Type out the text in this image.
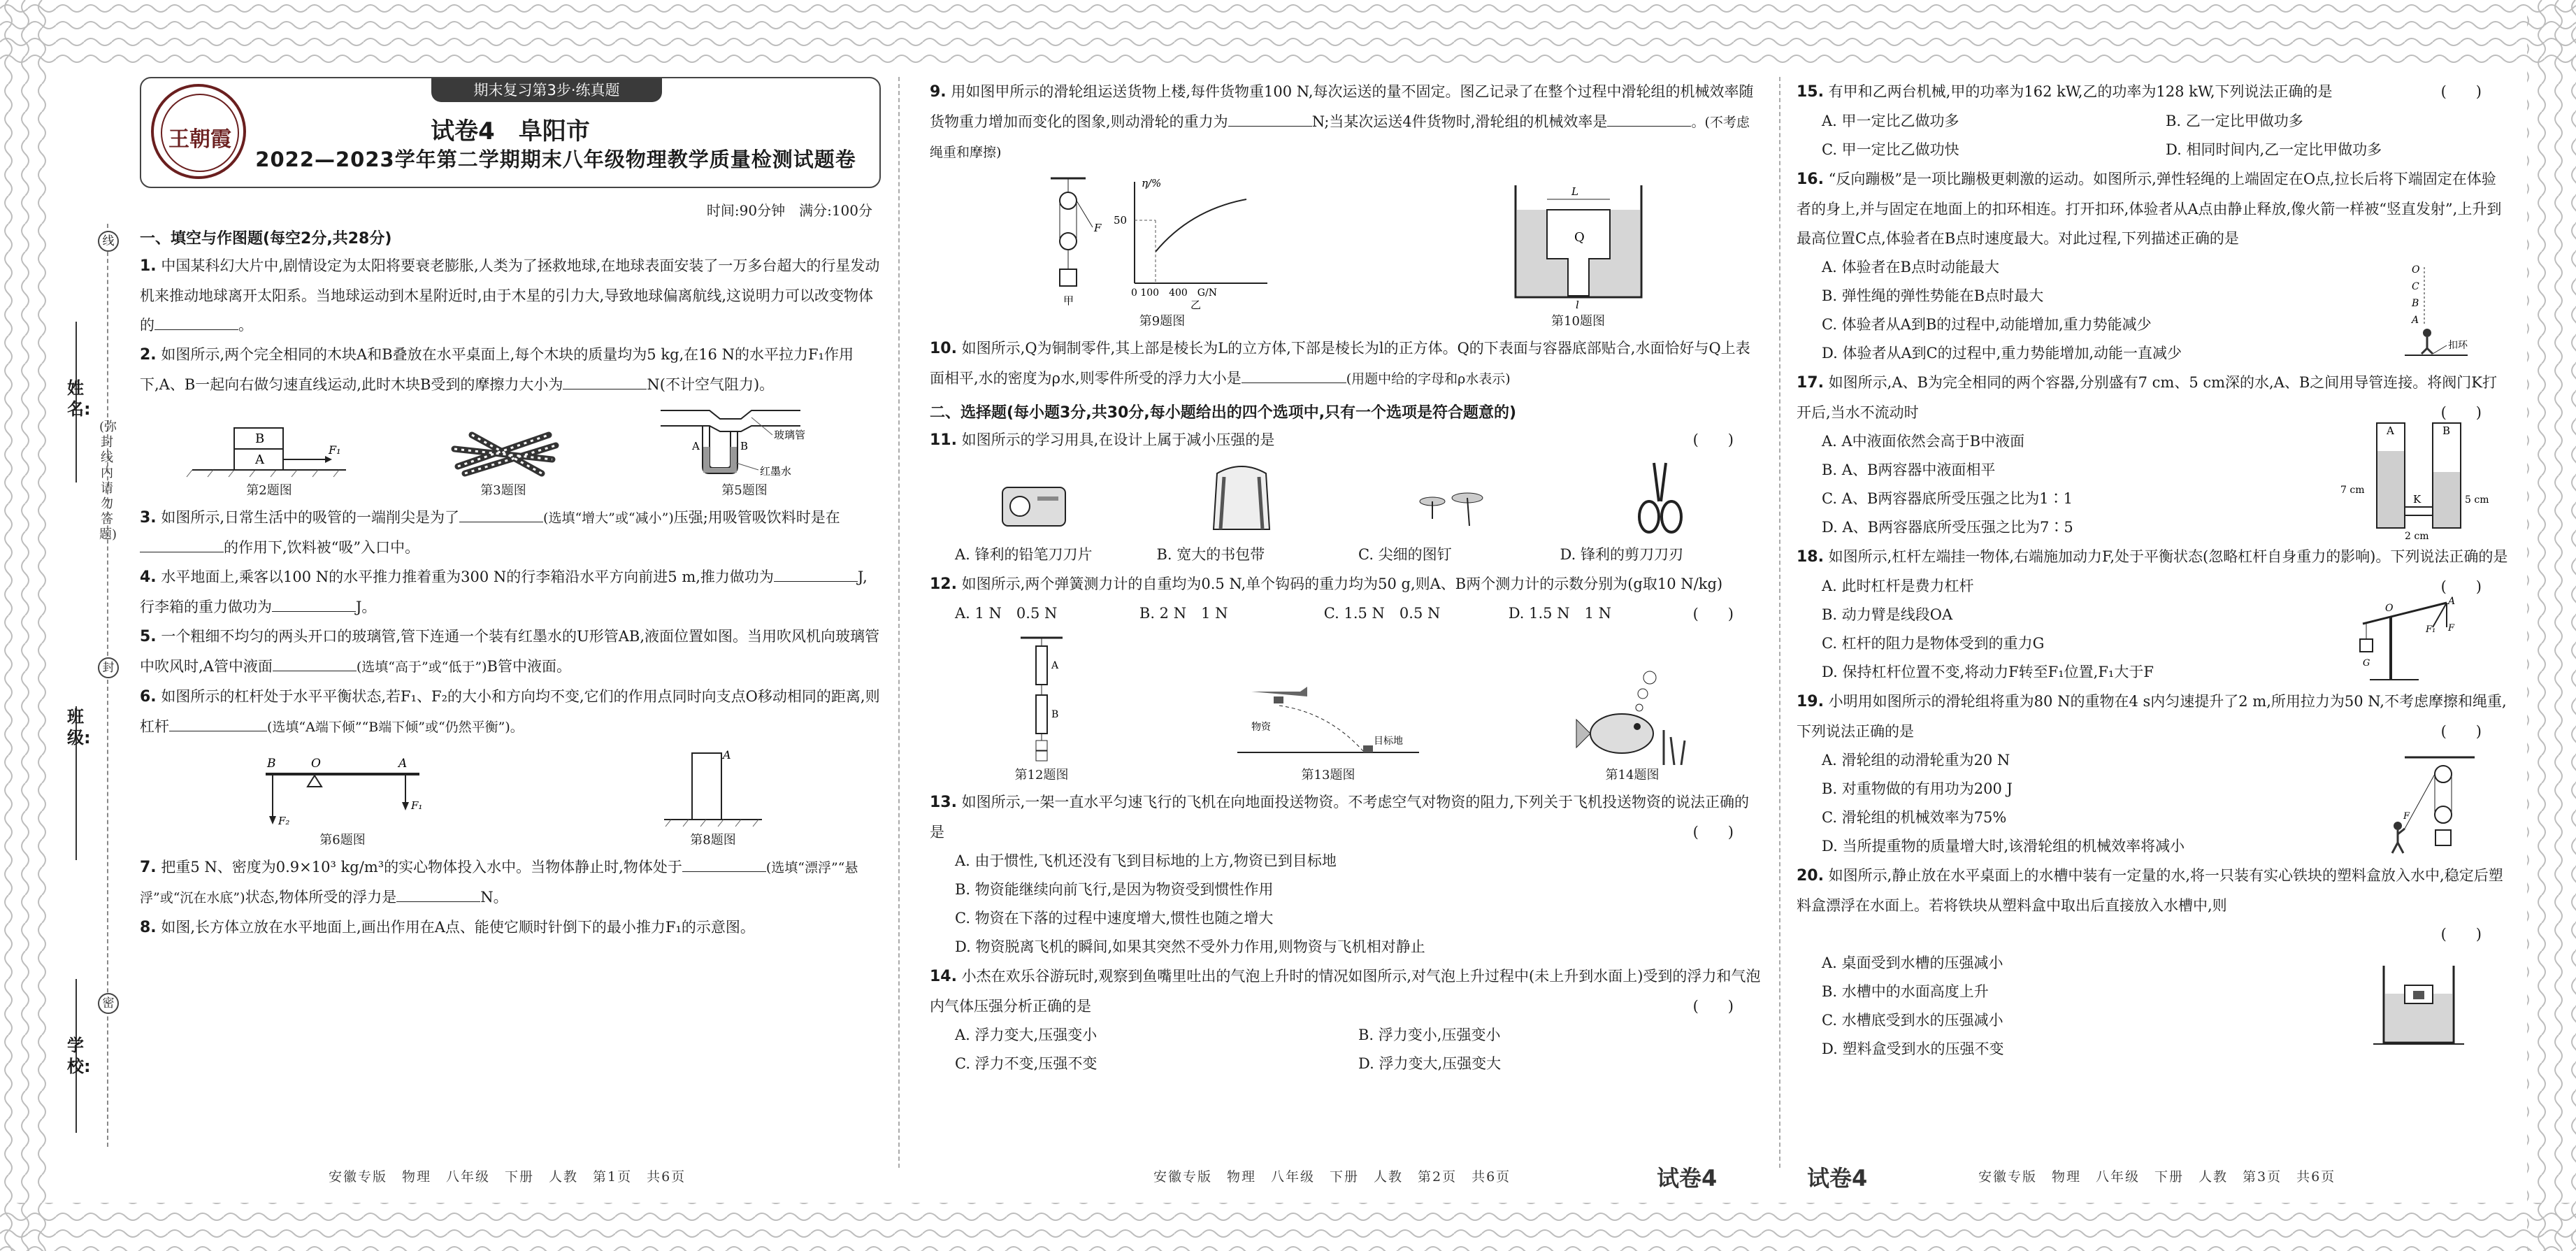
姓名:
班级:
学校:
(弥封线内请勿答题)
线
封
密
王朝霞
期末复习第3步·练真题
试卷4　阜阳市
2022—2023学年第二学期期末八年级物理教学质量检测试题卷
时间:90分钟　满分:100分
一、填空与作图题(每空2分,共28分)

1. 中国某科幻大片中,剧情设定为太阳将要衰老膨胀,人类为了拯救地球,在地球表面安装了一万多台超大的行星发动机来推动地球离开太阳系。当地球运动到木星附近时,由于木星的引力大,导致地球偏离航线,这说明力可以改变物体的	。

2. 如图所示,两个完全相同的木块A和B叠放在水平桌面上,每个木块的质量均为5 kg,在16 N的水平拉力F₁作用下,A、B一起向右做匀速直线运动,此时木块B受到的摩擦力大小为	N(不计空气阻力)。

B
A
F₁
第2题图	第3题图
A	B
玻璃管
红墨水
第5题图

3. 如图所示,日常生活中的吸管的一端削尖是为了	(选填“增大”或“减小”)压强;用吸管吸饮料时是在的作用下,饮料被“吸”入口中。

4. 水平地面上,乘客以100 N的水平推力推着重为300 N的行李箱沿水平方向前进5 m,推力做功为	J,行李箱的重力做功为	J。

5. 一个粗细不均匀的两头开口的玻璃管,管下连通一个装有红墨水的U形管AB,液面位置如图。当用吹风机向玻璃管中吹风时,A管中液面	(选填“高于”或“低于”)B管中液面。

6. 如图所示的杠杆处于水平平衡状态,若F₁、F₂的大小和方向均不变,它们的作用点同时向支点O移动相同的距离,则杠杆	(选填“A端下倾”“B端下倾”或“仍然平衡”)。

B	O	A
F₂
F₁
第6题图
A
第8题图

7. 把重5 N、密度为0.9×10³ kg/m³的实心物体投入水中。当物体静止时,物体处于	(选填“漂浮”“悬浮”或“沉在水底”)状态,物体所受的浮力是	N。

8. 如图,长方体立放在水平地面上,画出作用在A点、能使它顺时针倒下的最小推力F₁的示意图。

安徽专版　物理　八年级　下册　人教　第1页　共6页

9. 用如图甲所示的滑轮组运送货物上楼,每件货物重100 N,每次运送的量不固定。图乙记录了在整个过程中滑轮组的机械效率随货物重力增加而变化的图象,则动滑轮的重力为	N;当某次运送4件货物时,滑轮组的机械效率是	。(不考虑绳重和摩擦)

F
甲
η/%
50
0 100　400　G/N
乙
第9题图
Q
L
l
第10题图

10. 如图所示,Q为铜制零件,其上部是棱长为L的立方体,下部是棱长为l的正方体。Q的下表面与容器底部贴合,水面恰好与Q上表面相平,水的密度为ρ水,则零件所受的浮力大小是	(用题中给的字母和ρ水表示)

二、选择题(每小题3分,共30分,每小题给出的四个选项中,只有一个选项是符合题意的)

11. 如图所示的学习用具,在设计上属于减小压强的是	(　　)

A. 锋利的铅笔刀刀片	B. 宽大的书包带	C. 尖细的图钉	D. 锋利的剪刀刀刃

12. 如图所示,两个弹簧测力计的自重均为0.5 N,单个钩码的重力均为50 g,则A、B两个测力计的示数分别为(g取10 N/kg)
(　　)

A. 1 N　0.5 N	B. 2 N　1 N	C. 1.5 N　0.5 N	D. 1.5 N　1 N
A
B
第12题图
物资
目标地
第13题图	第14题图

13. 如图所示,一架一直水平匀速飞行的飞机在向地面投送物资。不考虑空气对物资的阻力,下列关于飞机投送物资的说法正确的是	(　　)

A. 由于惯性,飞机还没有飞到目标地的上方,物资已到目标地
B. 物资能继续向前飞行,是因为物资受到惯性作用
C. 物资在下落的过程中速度增大,惯性也随之增大
D. 物资脱离飞机的瞬间,如果其突然不受外力作用,则物资与飞机相对静止

14. 小杰在欢乐谷游玩时,观察到鱼嘴里吐出的气泡上升时的情况如图所示,对气泡上升过程中(未上升到水面上)受到的浮力和气泡内气体压强分析正确的是	(　　)

A. 浮力变大,压强变小	B. 浮力变小,压强变小
C. 浮力不变,压强不变	D. 浮力变大,压强变大
安徽专版　物理　八年级　下册　人教　第2页　共6页	试卷4

15. 有甲和乙两台机械,甲的功率为162 kW,乙的功率为128 kW,下列说法正确的是	(　　)

A. 甲一定比乙做功多	B. 乙一定比甲做功多
C. 甲一定比乙做功快	D. 相同时间内,乙一定比甲做功多

16. “反向蹦极”是一项比蹦极更刺激的运动。如图所示,弹性轻绳的上端固定在O点,拉长后将下端固定在体验者的身上,并与固定在地面上的扣环相连。打开扣环,体验者从A点由静止释放,像火箭一样被“竖直发射”,上升到最高位置C点,体验者在B点时速度最大。对此过程,下列描述正确的是

A. 体验者在B点时动能最大
B. 弹性绳的弹性势能在B点时最大
C. 体验者从A到B的过程中,动能增加,重力势能减少
D. 体验者从A到C的过程中,重力势能增加,动能一直减少
O
C
B
A
扣环

17. 如图所示,A、B为完全相同的两个容器,分别盛有7 cm、5 cm深的水,A、B之间用导管连接。将阀门K打开后,当水不流动时	(　　)

A. A中液面依然会高于B中液面
B. A、B两容器中液面相平
C. A、B两容器底所受压强之比为1∶1
D. A、B两容器底所受压强之比为7∶5
A	B
K
7 cm
5 cm
2 cm

18. 如图所示,杠杆左端挂一物体,右端施加动力F,处于平衡状态(忽略杠杆自身重力的影响)。下列说法正确的是
(　　)

A. 此时杠杆是费力杠杆
B. 动力臂是线段OA
C. 杠杆的阻力是物体受到的重力G
D. 保持杠杆位置不变,将动力F转至F₁位置,F₁大于F
O
G
A
F
F₁

19. 小明用如图所示的滑轮组将重为80 N的重物在4 s内匀速提升了2 m,所用拉力为50 N,不考虑摩擦和绳重,下列说法正确的是	(　　)

A. 滑轮组的动滑轮重为20 N
B. 对重物做的有用功为200 J
C. 滑轮组的机械效率为75%
D. 当所提重物的质量增大时,该滑轮组的机械效率将减小
F

20. 如图所示,静止放在水平桌面上的水槽中装有一定量的水,将一只装有实心铁块的塑料盒放入水中,稳定后塑料盒漂浮在水面上。若将铁块从塑料盒中取出后直接放入水槽中,则

(　　)
A. 桌面受到水槽的压强减小
B. 水槽中的水面高度上升
C. 水槽底受到水的压强减小
D. 塑料盒受到水的压强不变
试卷4	安徽专版　物理　八年级　下册　人教　第3页　共6页
